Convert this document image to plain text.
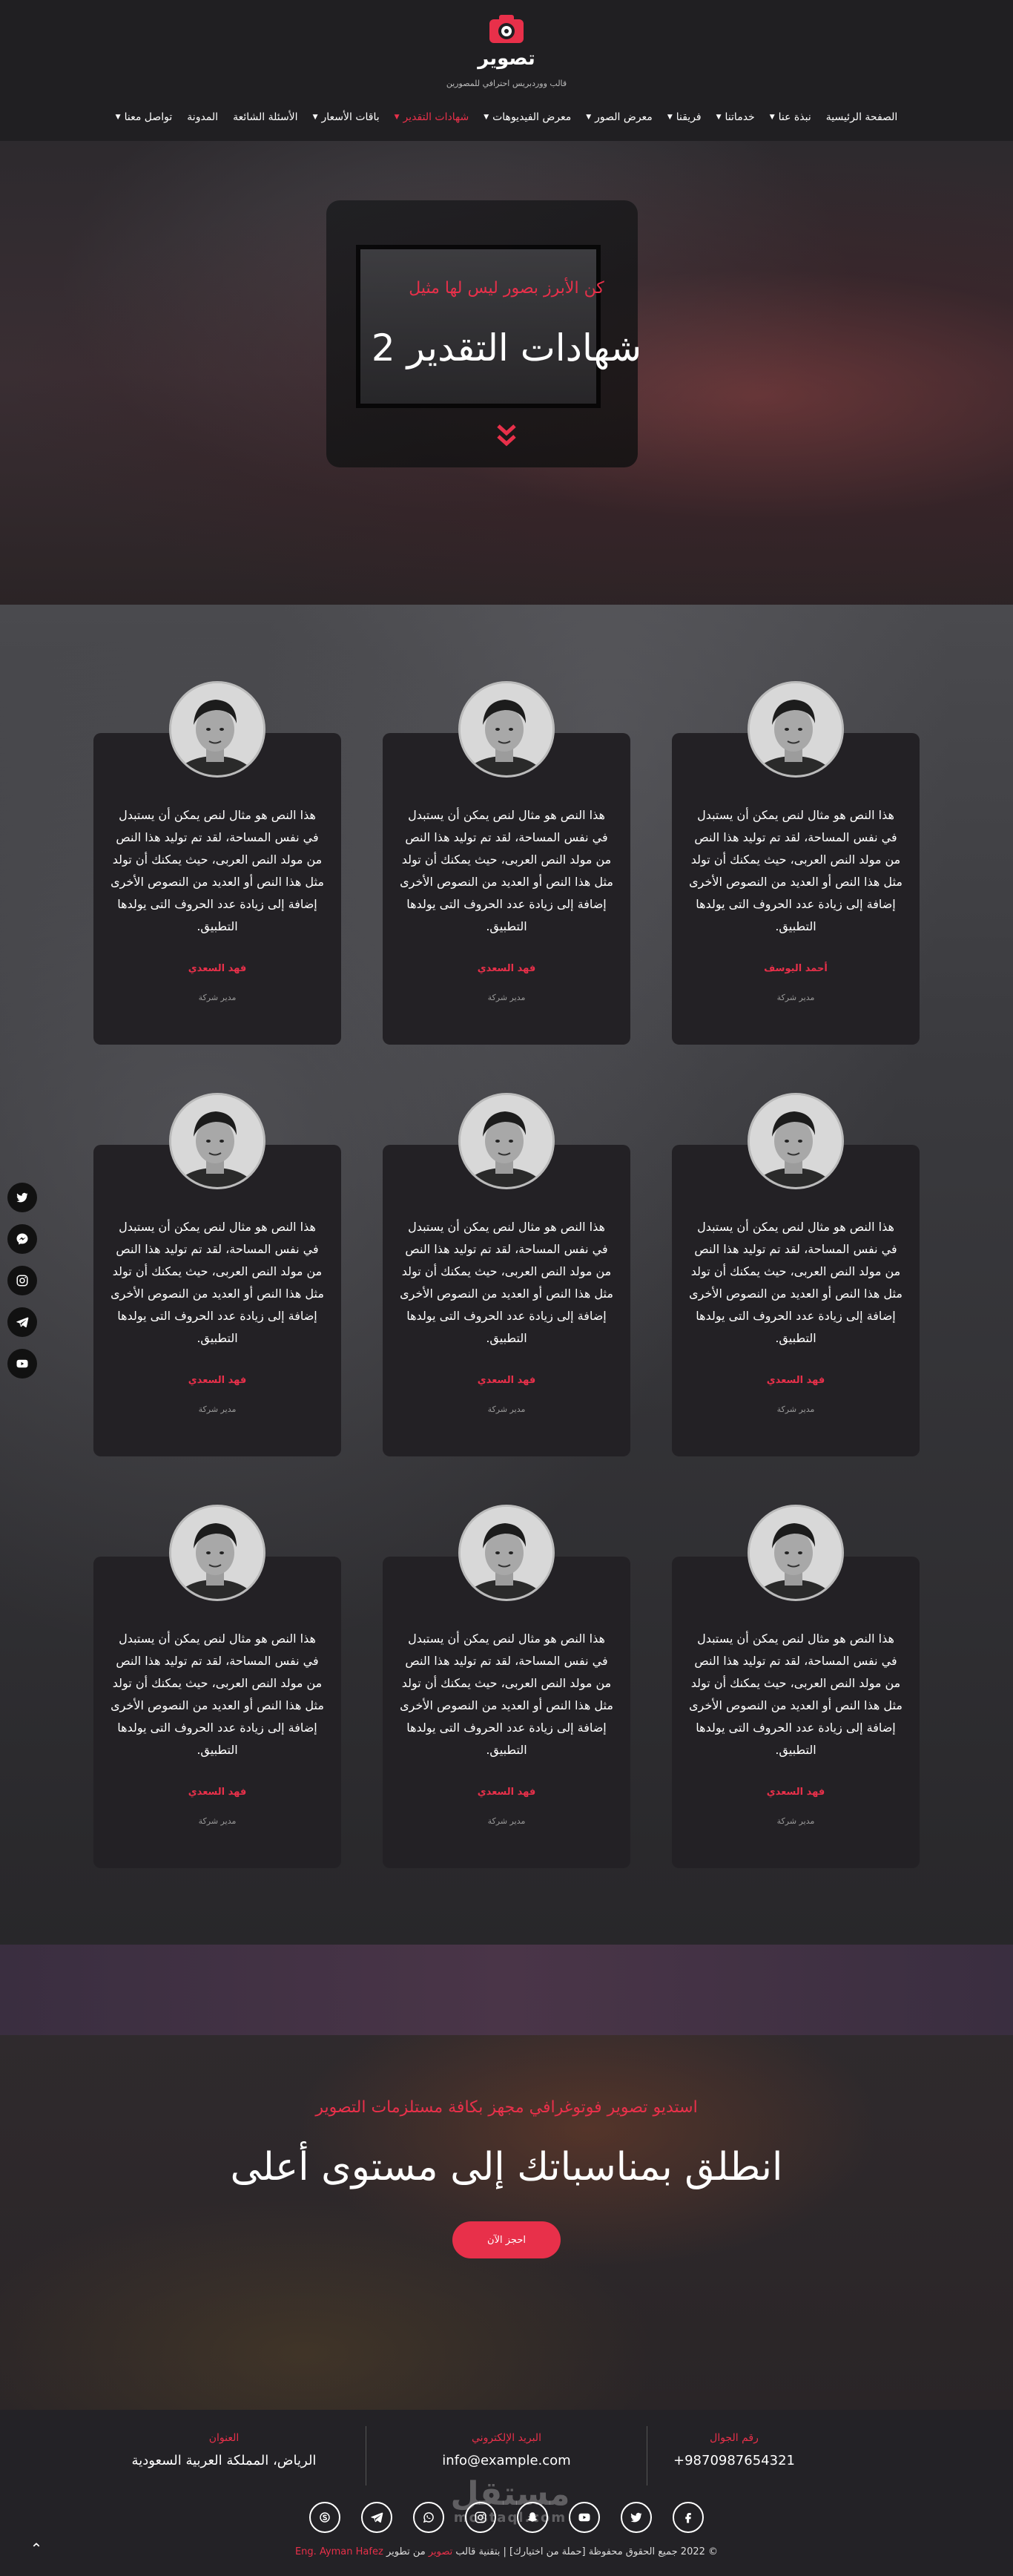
تصوير
قالب ووردبريس احترافي للمصورين
الصفحة الرئيسية
نبذة عنا
▼
خدماتنا
▼
فريقنا
▼
معرض الصور
▼
معرض الفيديوهات
▼
شهادات التقدير
▼
باقات الأسعار
▼
الأسئلة الشائعة
المدونة
تواصل معنا
▼
كن الأبرز بصور ليس لها مثيل
شهادات التقدير 2
هذا النص هو مثال لنص يمكن أن يستبدل في نفس المساحة، لقد تم توليد هذا النص من مولد النص العربى، حيث يمكنك أن تولد مثل هذا النص أو العديد من النصوص الأخرى إضافة إلى زيادة عدد الحروف التى يولدها التطبيق.
أحمد اليوسف
مدير شركة
هذا النص هو مثال لنص يمكن أن يستبدل في نفس المساحة، لقد تم توليد هذا النص من مولد النص العربى، حيث يمكنك أن تولد مثل هذا النص أو العديد من النصوص الأخرى إضافة إلى زيادة عدد الحروف التى يولدها التطبيق.
فهد السعدي
مدير شركة
هذا النص هو مثال لنص يمكن أن يستبدل في نفس المساحة، لقد تم توليد هذا النص من مولد النص العربى، حيث يمكنك أن تولد مثل هذا النص أو العديد من النصوص الأخرى إضافة إلى زيادة عدد الحروف التى يولدها التطبيق.
فهد السعدي
مدير شركة
هذا النص هو مثال لنص يمكن أن يستبدل في نفس المساحة، لقد تم توليد هذا النص من مولد النص العربى، حيث يمكنك أن تولد مثل هذا النص أو العديد من النصوص الأخرى إضافة إلى زيادة عدد الحروف التى يولدها التطبيق.
فهد السعدي
مدير شركة
هذا النص هو مثال لنص يمكن أن يستبدل في نفس المساحة، لقد تم توليد هذا النص من مولد النص العربى، حيث يمكنك أن تولد مثل هذا النص أو العديد من النصوص الأخرى إضافة إلى زيادة عدد الحروف التى يولدها التطبيق.
فهد السعدي
مدير شركة
هذا النص هو مثال لنص يمكن أن يستبدل في نفس المساحة، لقد تم توليد هذا النص من مولد النص العربى، حيث يمكنك أن تولد مثل هذا النص أو العديد من النصوص الأخرى إضافة إلى زيادة عدد الحروف التى يولدها التطبيق.
فهد السعدي
مدير شركة
هذا النص هو مثال لنص يمكن أن يستبدل في نفس المساحة، لقد تم توليد هذا النص من مولد النص العربى، حيث يمكنك أن تولد مثل هذا النص أو العديد من النصوص الأخرى إضافة إلى زيادة عدد الحروف التى يولدها التطبيق.
فهد السعدي
مدير شركة
هذا النص هو مثال لنص يمكن أن يستبدل في نفس المساحة، لقد تم توليد هذا النص من مولد النص العربى، حيث يمكنك أن تولد مثل هذا النص أو العديد من النصوص الأخرى إضافة إلى زيادة عدد الحروف التى يولدها التطبيق.
فهد السعدي
مدير شركة
هذا النص هو مثال لنص يمكن أن يستبدل في نفس المساحة، لقد تم توليد هذا النص من مولد النص العربى، حيث يمكنك أن تولد مثل هذا النص أو العديد من النصوص الأخرى إضافة إلى زيادة عدد الحروف التى يولدها التطبيق.
فهد السعدي
مدير شركة
استديو تصوير فوتوغرافي مجهز بكافة مستلزمات التصوير
انطلق بمناسباتك إلى مستوى أعلى
احجز الآن
رقم الجوال
+9870987654321
البريد الإلكتروني
info@example.com
العنوان
الرياض، المملكة العربية السعودية
مستقل
mostaql.com
© 2022 جميع الحقوق محفوظة [حملة من اختيارك] | بتقنية قالب تصوير من تطوير Eng. Ayman Hafez
⌃
